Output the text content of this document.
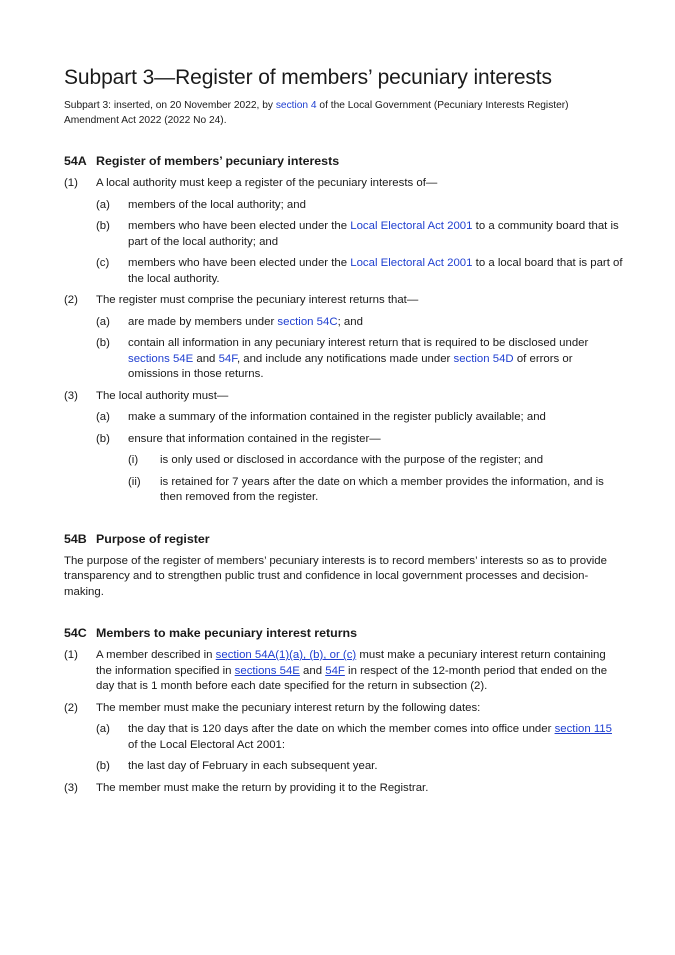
Subpart 3—Register of members’ pecuniary interests

Subpart 3: inserted, on 20 November 2022, by section 4 of the Local Government (Pecuniary Interests Register) Amendment Act 2022 (2022 No 24).

54A Register of members’ pecuniary interests
(1)	A local authority must keep a register of the pecuniary interests of—
(a)	members of the local authority; and
(b)	members who have been elected under the Local Electoral Act 2001 to a community board that is part of the local authority; and
(c)	members who have been elected under the Local Electoral Act 2001 to a local board that is part of the local authority.
(2)	The register must comprise the pecuniary interest returns that—
(a)	are made by members under section 54C; and
(b)	contain all information in any pecuniary interest return that is required to be disclosed under sections 54E and 54F, and include any notifications made under section 54D of errors or omissions in those returns.
(3)	The local authority must—
(a)	make a summary of the information contained in the register publicly available; and
(b)	ensure that information contained in the register—
(i)	is only used or disclosed in accordance with the purpose of the register; and
(ii)	is retained for 7 years after the date on which a member provides the information, and is then removed from the register.
54B Purpose of register

The purpose of the register of members’ pecuniary interests is to record members’ interests so as to provide transparency and to strengthen public trust and confidence in local government processes and decision-making.

54C Members to make pecuniary interest returns
(1)	A member described in section 54A(1)(a), (b), or (c) must make a pecuniary interest return containing the information specified in sections 54E and 54F in respect of the 12-month period that ended on the day that is 1 month before each date specified for the return in subsection (2).
(2)	The member must make the pecuniary interest return by the following dates:
(a)	the day that is 120 days after the date on which the member comes into office under section 115 of the Local Electoral Act 2001:
(b)	the last day of February in each subsequent year.
(3)	The member must make the return by providing it to the Registrar.
